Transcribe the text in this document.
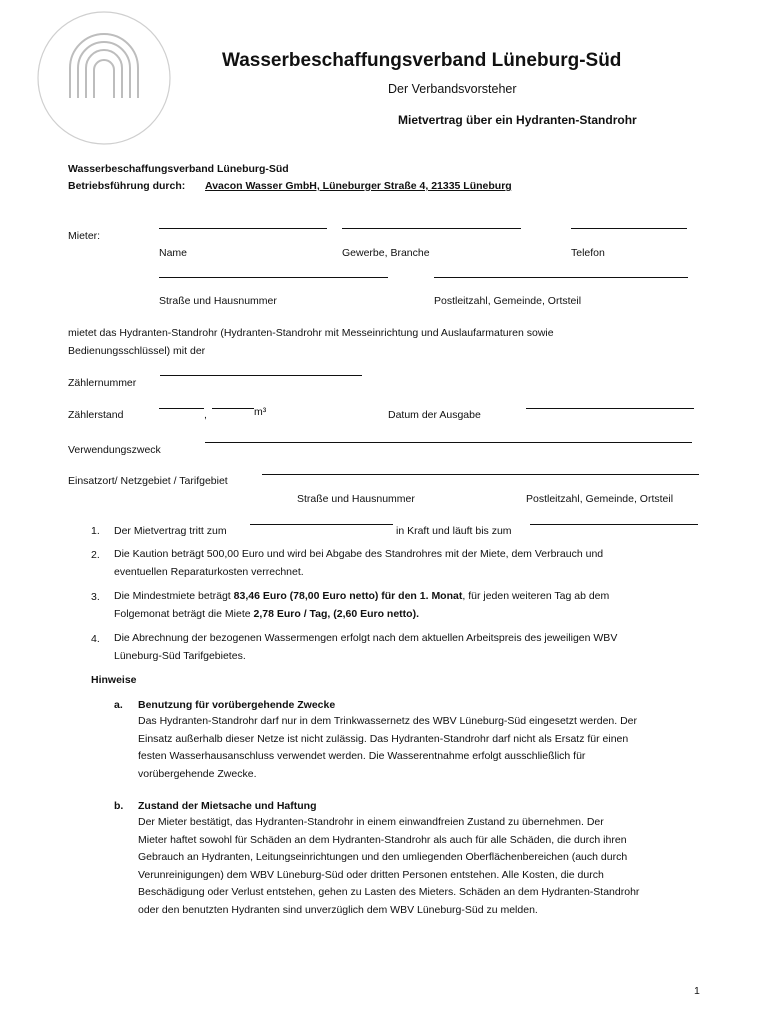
Wasserbeschaffungsverband Lüneburg-Süd
Der Verbandsvorsteher
Mietvertrag über ein Hydranten-Standrohr
Wasserbeschaffungsverband Lüneburg-Süd
Betriebsführung durch: Avacon Wasser GmbH, Lüneburger Straße 4, 21335 Lüneburg
Mieter:
Name	Gewerbe, Branche	Telefon
Straße und Hausnummer	Postleitzahl, Gemeinde, Ortsteil
mietet das Hydranten-Standrohr (Hydranten-Standrohr mit Messeinrichtung und Auslaufarmaturen sowie
Bedienungsschlüssel) mit der
Zählernummer
Zählerstand	,	m³	Datum der Ausgabe
Verwendungszweck
Einsatzort/ Netzgebiet / Tarifgebiet
Straße und Hausnummer	Postleitzahl, Gemeinde, Ortsteil
1. Der Mietvertrag tritt zum	in Kraft und läuft bis zum
2. Die Kaution beträgt 500,00 Euro und wird bei Abgabe des Standrohres mit der Miete, dem Verbrauch und
eventuellen Reparaturkosten verrechnet.
3. Die Mindestmiete beträgt 83,46 Euro (78,00 Euro netto) für den 1. Monat, für jeden weiteren Tag ab dem
Folgemonat beträgt die Miete 2,78 Euro / Tag, (2,60 Euro netto).
4. Die Abrechnung der bezogenen Wassermengen erfolgt nach dem aktuellen Arbeitspreis des jeweiligen WBV
Lüneburg-Süd Tarifgebietes.
Hinweise
a. Benutzung für vorübergehende Zwecke
Das Hydranten-Standrohr darf nur in dem Trinkwassernetz des WBV Lüneburg-Süd eingesetzt werden. Der
Einsatz außerhalb dieser Netze ist nicht zulässig. Das Hydranten-Standrohr darf nicht als Ersatz für einen
festen Wasserhausanschluss verwendet werden. Die Wasserentnahme erfolgt ausschließlich für
vorübergehende Zwecke.
b. Zustand der Mietsache und Haftung
Der Mieter bestätigt, das Hydranten-Standrohr in einem einwandfreien Zustand zu übernehmen. Der
Mieter haftet sowohl für Schäden an dem Hydranten-Standrohr als auch für alle Schäden, die durch ihren
Gebrauch an Hydranten, Leitungseinrichtungen und den umliegenden Oberflächenbereichen (auch durch
Verunreinigungen) dem WBV Lüneburg-Süd oder dritten Personen entstehen. Alle Kosten, die durch
Beschädigung oder Verlust entstehen, gehen zu Lasten des Mieters. Schäden an dem Hydranten-Standrohr
oder den benutzten Hydranten sind unverzüglich dem WBV Lüneburg-Süd zu melden.
1
